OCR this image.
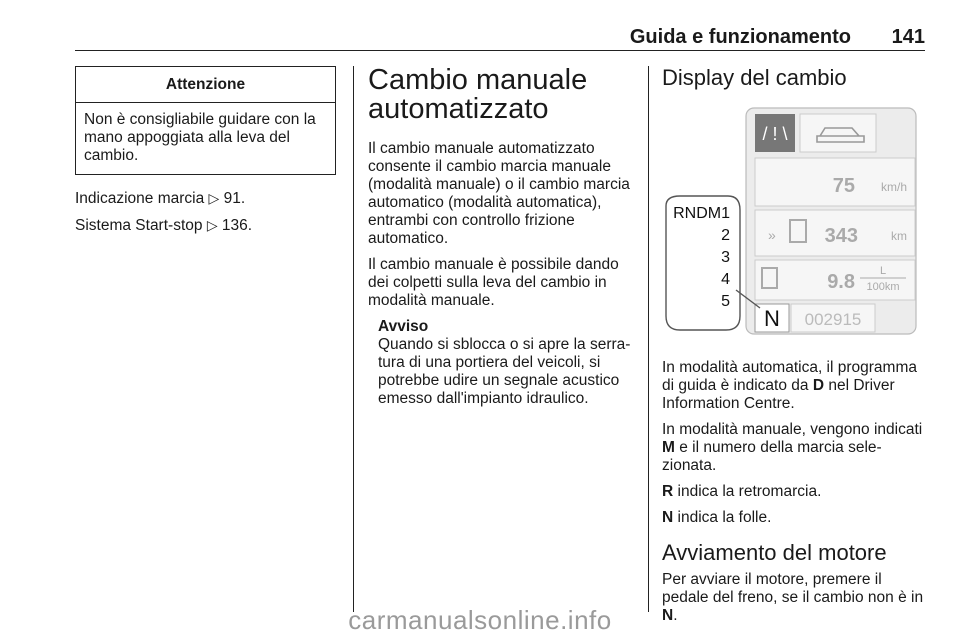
Guida e funzionamento 141
Attenzione
Non è consigliabile guidare con la mano appoggiata alla leva del cambio.

Indicazione marcia ▷ 91.

Sistema Start-stop ▷ 136.

Cambio manuale automatizzato

Il cambio manuale automatizzato consente il cambio marcia manuale (modalità manuale) o il cambio marcia automatico (modalità automatica), entrambi con controllo frizione automatico.

Il cambio manuale è possibile dando dei colpetti sulla leva del cambio in modalità manuale.

Avviso
Quando si sblocca o si apre la serratura di una portiera del veicoli, si potrebbe udire un segnale acustico emesso dall'impianto idraulico.
Display del cambio
/ ! \
75 km/h
» 343	km
9.8 L
100km
N 002915
RNDM1
2
3
4
5

In modalità automatica, il programma di guida è indicato da D nel Driver Information Centre.

In modalità manuale, vengono indicati M e il numero della marcia selezionata.

R indica la retromarcia.

N indica la folle.

Avviamento del motore

Per avviare il motore, premere il pedale del freno, se il cambio non è in N.

carmanualsonline.info
